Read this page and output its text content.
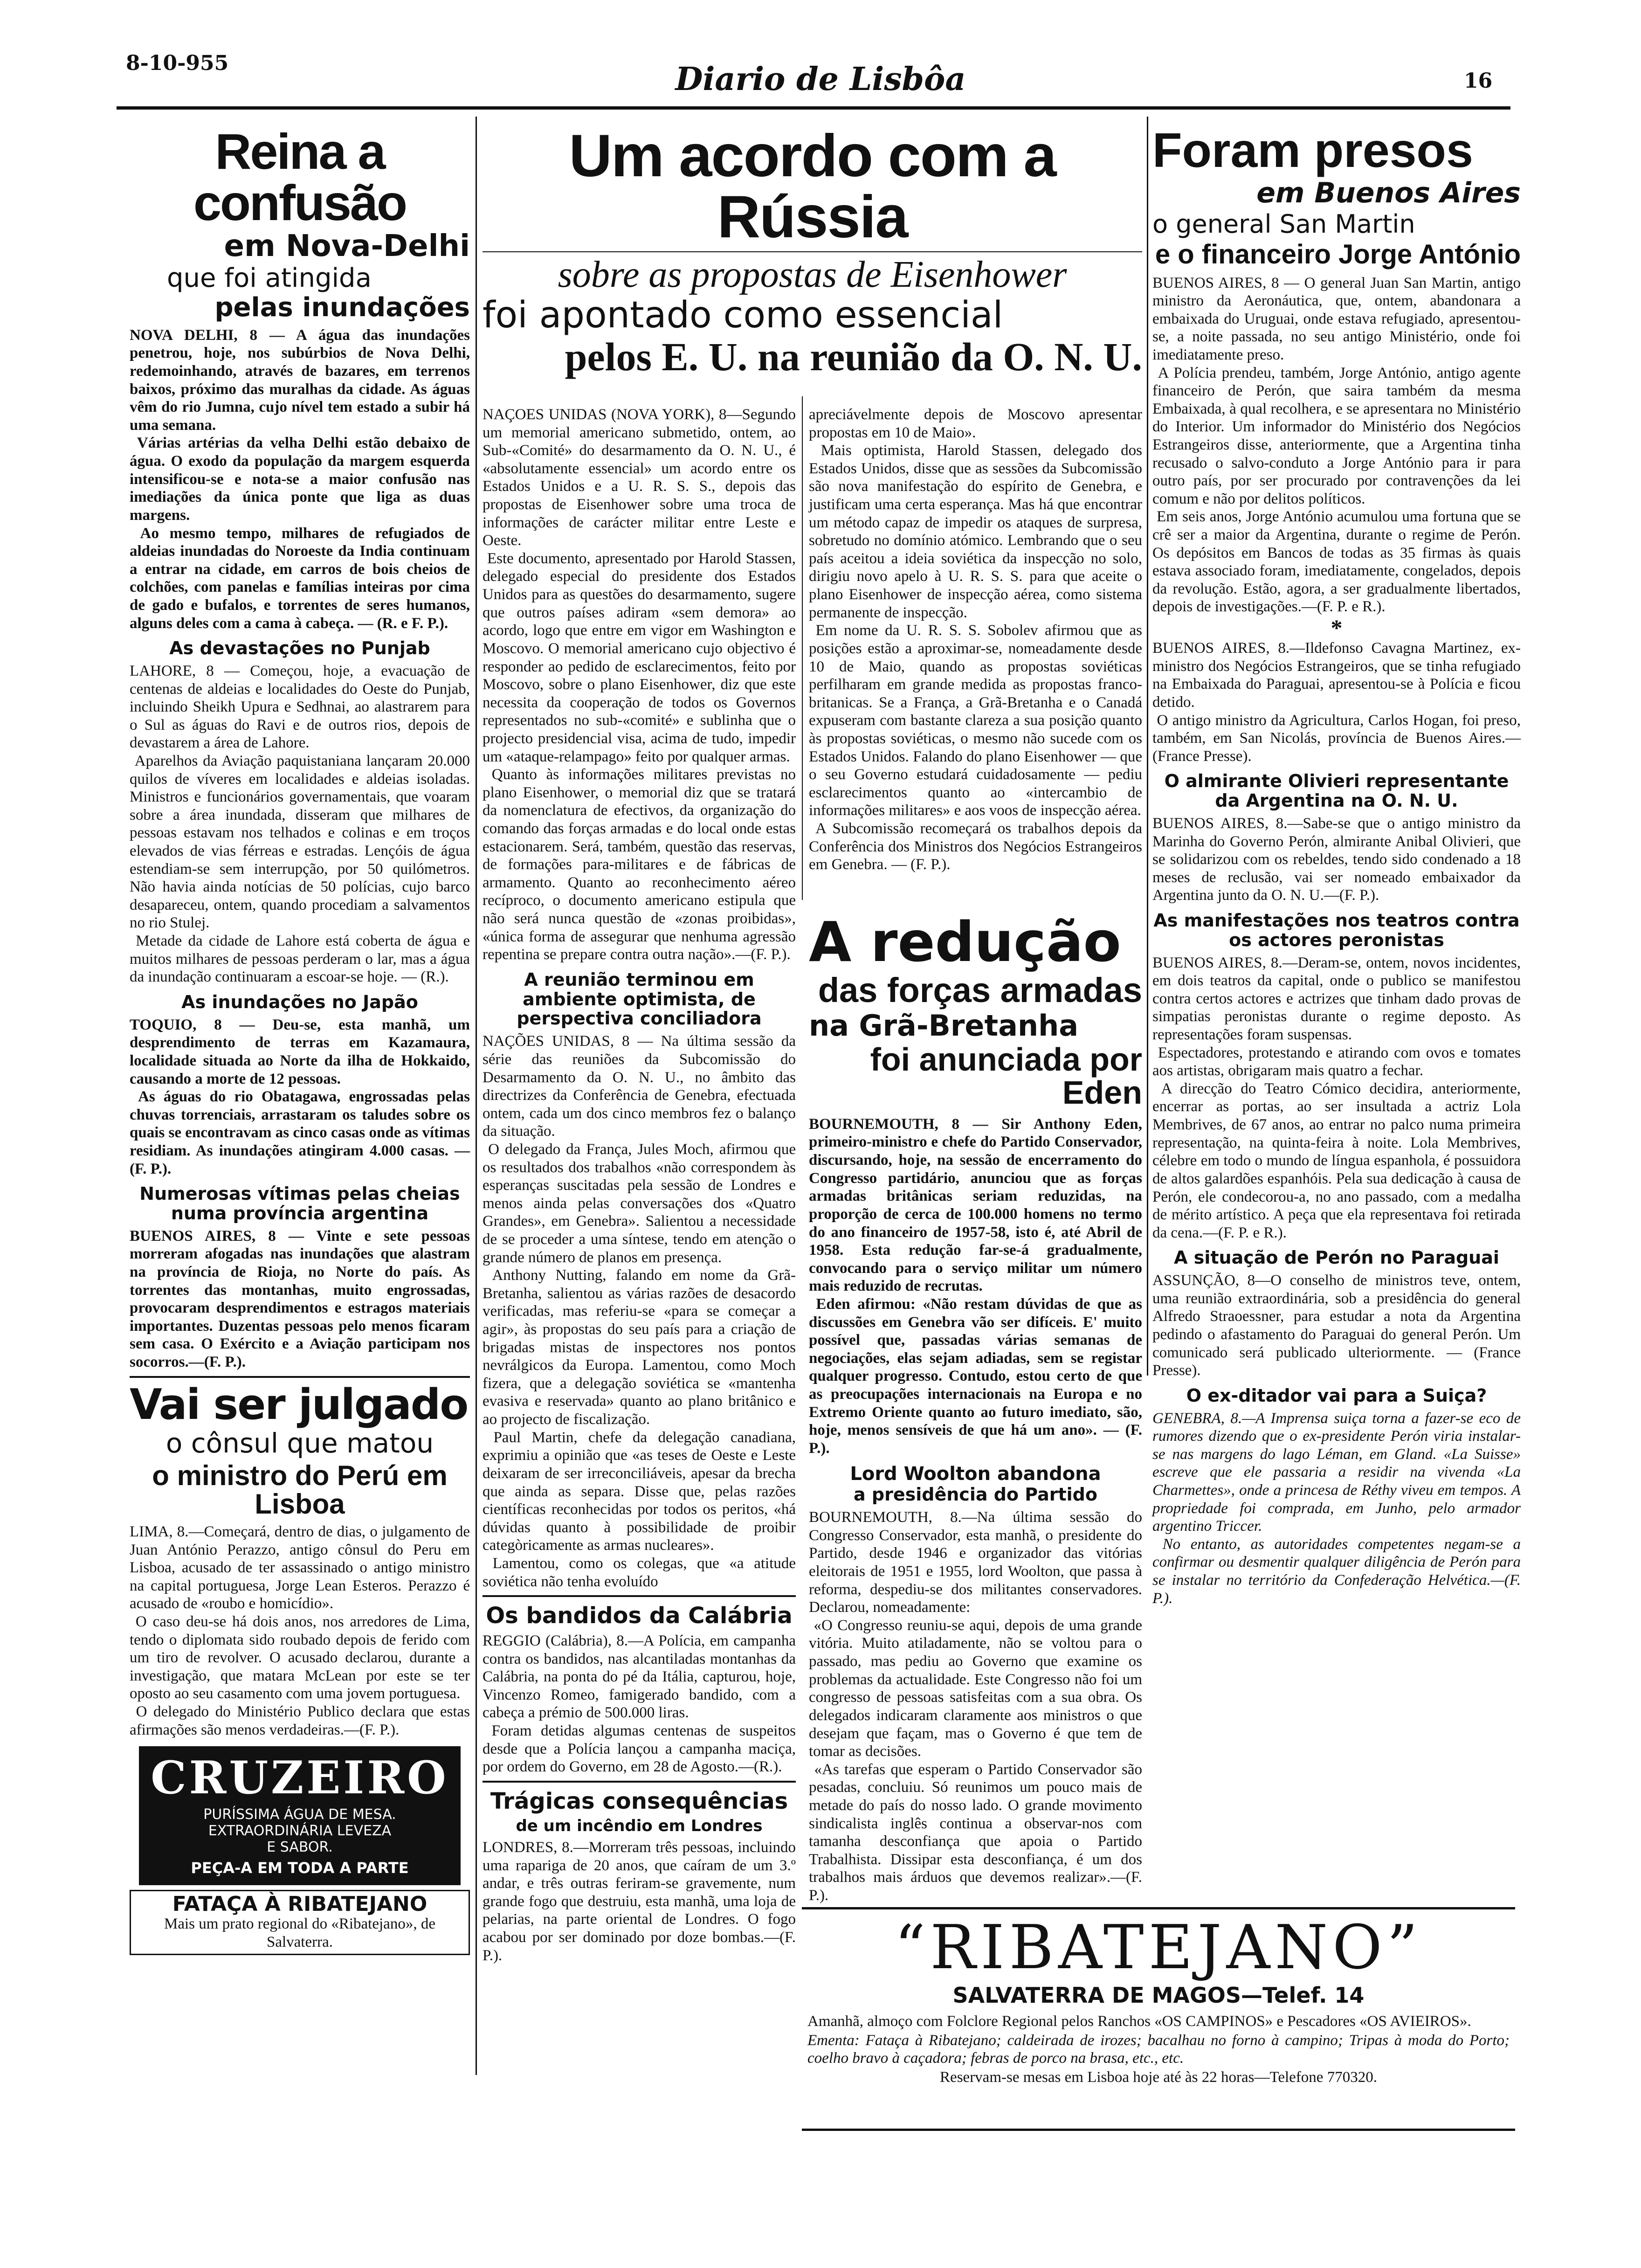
8-10-955	Diario de Lisbôa	16
Reina a confusão
em Nova-Delhi
que foi atingida
pelas inundações

NOVA DELHI, 8 — A água das inundações penetrou, hoje, nos subúrbios de Nova Delhi, redemoinhando, através de bazares, em terrenos baixos, próximo das muralhas da cidade. As águas vêm do rio Jumna, cujo nível tem estado a subir há uma semana.
Várias artérias da velha Delhi estão debaixo de água. O exodo da população da margem esquerda intensificou-se e nota-se a maior confusão nas imediações da única ponte que liga as duas margens.
Ao mesmo tempo, milhares de refugiados de aldeias inundadas do Noroeste da India continuam a entrar na cidade, em carros de bois cheios de colchões, com panelas e famílias inteiras por cima de gado e bufalos, e torrentes de seres humanos, alguns deles com a cama à cabeça. — (R. e F. P.).

As devastações no Punjab

LAHORE, 8 — Começou, hoje, a evacuação de centenas de aldeias e localidades do Oeste do Punjab, incluindo Sheikh Upura e Sedhnai, ao alastrarem para o Sul as águas do Ravi e de outros rios, depois de devastarem a área de Lahore.
Aparelhos da Aviação paquistaniana lançaram 20.000 quilos de víveres em localidades e aldeias isoladas. Ministros e funcionários governamentais, que voaram sobre a área inundada, disseram que milhares de pessoas estavam nos telhados e colinas e em troços elevados de vias férreas e estradas. Lençóis de água estendiam-se sem interrupção, por 50 quilómetros. Não havia ainda notícias de 50 polícias, cujo barco desapareceu, ontem, quando procediam a salvamentos no rio Stulej.
Metade da cidade de Lahore está coberta de água e muitos milhares de pessoas perderam o lar, mas a água da inundação continuaram a escoar-se hoje. — (R.).

As inundações no Japão

TOQUIO, 8 — Deu-se, esta manhã, um desprendimento de terras em Kazamaura, localidade situada ao Norte da ilha de Hokkaido, causando a morte de 12 pessoas.
As águas do rio Obatagawa, engrossadas pelas chuvas torrenciais, arrastaram os taludes sobre os quais se encontravam as cinco casas onde as vítimas residiam. As inundações atingiram 4.000 casas. — (F. P.).

Numerosas vítimas pelas cheias numa província argentina

BUENOS AIRES, 8 — Vinte e sete pessoas morreram afogadas nas inundações que alastram na província de Rioja, no Norte do país. As torrentes das montanhas, muito engrossadas, provocaram desprendimentos e estragos materiais importantes. Duzentas pessoas pelo menos ficaram sem casa. O Exército e a Aviação participam nos socorros.—(F. P.).

Vai ser julgado
o cônsul que matou
o ministro do Perú em Lisboa

LIMA, 8.—Começará, dentro de dias, o julgamento de Juan António Perazzo, antigo cônsul do Peru em Lisboa, acusado de ter assassinado o antigo ministro na capital portuguesa, Jorge Lean Esteros. Perazzo é acusado de «roubo e homicídio».
O caso deu-se há dois anos, nos arredores de Lima, tendo o diplomata sido roubado depois de ferido com um tiro de revolver. O acusado declarou, durante a investigação, que matara McLean por este se ter oposto ao seu casamento com uma jovem portuguesa.
O delegado do Ministério Publico declara que estas afirmações são menos verdadeiras.—(F. P.).

CRUZEIRO
PURÍSSIMA ÁGUA DE MESA.
EXTRAORDINÁRIA LEVEZA
E SABOR.
PEÇA-A EM TODA A PARTE
FATAÇA À RIBATEJANO

Mais um prato regional do «Ribatejano», de Salvaterra.

Um acordo com a Rússia
sobre as propostas de Eisenhower
foi apontado como essencial
pelos E. U. na reunião da O. N. U.

NAÇOES UNIDAS (NOVA YORK), 8—Segundo um memorial americano submetido, ontem, ao Sub-«Comité» do desarmamento da O. N. U., é «absolutamente essencial» um acordo entre os Estados Unidos e a U. R. S. S., depois das propostas de Eisenhower sobre uma troca de informações de carácter militar entre Leste e Oeste.
Este documento, apresentado por Harold Stassen, delegado especial do presidente dos Estados Unidos para as questões do desarmamento, sugere que outros países adiram «sem demora» ao acordo, logo que entre em vigor em Washington e Moscovo. O memorial americano cujo objectivo é responder ao pedido de esclarecimentos, feito por Moscovo, sobre o plano Eisenhower, diz que este necessita da cooperação de todos os Governos representados no sub-«comité» e sublinha que o projecto presidencial visa, acima de tudo, impedir um «ataque-relampago» feito por qualquer armas.
Quanto às informações militares previstas no plano Eisenhower, o memorial diz que se tratará da nomenclatura de efectivos, da organização do comando das forças armadas e do local onde estas estacionarem. Será, também, questão das reservas, de formações para-militares e de fábricas de armamento. Quanto ao reconhecimento aéreo recíproco, o documento americano estipula que não será nunca questão de «zonas proibidas», «única forma de assegurar que nenhuma agressão repentina se prepare contra outra nação».—(F. P.).

A reunião terminou em ambiente optimista, de perspectiva conciliadora

NAÇÕES UNIDAS, 8 — Na última sessão da série das reuniões da Subcomissão do Desarmamento da O. N. U., no âmbito das directrizes da Conferência de Genebra, efectuada ontem, cada um dos cinco membros fez o balanço da situação.
O delegado da França, Jules Moch, afirmou que os resultados dos trabalhos «não correspondem às esperanças suscitadas pela sessão de Londres e menos ainda pelas conversações dos «Quatro Grandes», em Genebra». Salientou a necessidade de se proceder a uma síntese, tendo em atenção o grande número de planos em presença.
Anthony Nutting, falando em nome da Grã-Bretanha, salientou as várias razões de desacordo verificadas, mas referiu-se «para se começar a agir», às propostas do seu país para a criação de brigadas mistas de inspectores nos pontos nevrálgicos da Europa. Lamentou, como Moch fizera, que a delegação soviética se «mantenha evasiva e reservada» quanto ao plano britânico e ao projecto de fiscalização.
Paul Martin, chefe da delegação canadiana, exprimiu a opinião que «as teses de Oeste e Leste deixaram de ser irreconciliáveis, apesar da brecha que ainda as separa. Disse que, pelas razões científicas reconhecidas por todos os peritos, «há dúvidas quanto à possibilidade de proibir categòricamente as armas nucleares».
Lamentou, como os colegas, que «a atitude soviética não tenha evoluído

Os bandidos da Calábria

REGGIO (Calábria), 8.—A Polícia, em campanha contra os bandidos, nas alcantiladas montanhas da Calábria, na ponta do pé da Itália, capturou, hoje, Vincenzo Romeo, famigerado bandido, com a cabeça a prémio de 500.000 liras.
Foram detidas algumas centenas de suspeitos desde que a Polícia lançou a campanha maciça, por ordem do Governo, em 28 de Agosto.—(R.).

Trágicas consequências
de um incêndio em Londres

LONDRES, 8.—Morreram três pessoas, incluindo uma rapariga de 20 anos, que caíram de um 3.º andar, e três outras feriram-se gravemente, num grande fogo que destruiu, esta manhã, uma loja de pelarias, na parte oriental de Londres. O fogo acabou por ser dominado por doze bombas.—(F. P.).

apreciávelmente depois de Moscovo apresentar propostas em 10 de Maio».
Mais optimista, Harold Stassen, delegado dos Estados Unidos, disse que as sessões da Subcomissão são nova manifestação do espírito de Genebra, e justificam uma certa esperança. Mas há que encontrar um método capaz de impedir os ataques de surpresa, sobretudo no domínio atómico. Lembrando que o seu país aceitou a ideia soviética da inspecção no solo, dirigiu novo apelo à U. R. S. S. para que aceite o plano Eisenhower de inspecção aérea, como sistema permanente de inspecção.
Em nome da U. R. S. S. Sobolev afirmou que as posições estão a aproximar-se, nomeadamente desde 10 de Maio, quando as propostas soviéticas perfilharam em grande medida as propostas franco-britanicas. Se a França, a Grã-Bretanha e o Canadá expuseram com bastante clareza a sua posição quanto às propostas soviéticas, o mesmo não sucede com os Estados Unidos. Falando do plano Eisenhower — que o seu Governo estudará cuidadosamente — pediu esclarecimentos quanto ao «intercambio de informações militares» e aos voos de inspecção aérea.
A Subcomissão recomeçará os trabalhos depois da Conferência dos Ministros dos Negócios Estrangeiros em Genebra. — (F. P.).

A redução
das forças armadas
na Grã-Bretanha
foi anunciada por Eden

BOURNEMOUTH, 8 — Sir Anthony Eden, primeiro-ministro e chefe do Partido Conservador, discursando, hoje, na sessão de encerramento do Congresso partidário, anunciou que as forças armadas britânicas seriam reduzidas, na proporção de cerca de 100.000 homens no termo do ano financeiro de 1957-58, isto é, até Abril de 1958. Esta redução far-se-á gradualmente, convocando para o serviço militar um número mais reduzido de recrutas.
Eden afirmou: «Não restam dúvidas de que as discussões em Genebra vão ser difíceis. E' muito possível que, passadas várias semanas de negociações, elas sejam adiadas, sem se registar qualquer progresso. Contudo, estou certo de que as preocupações internacionais na Europa e no Extremo Oriente quanto ao futuro imediato, são, hoje, menos sensíveis de que há um ano». — (F. P.).

Lord Woolton abandona
a presidência do Partido

BOURNEMOUTH, 8.—Na última sessão do Congresso Conservador, esta manhã, o presidente do Partido, desde 1946 e organizador das vitórias eleitorais de 1951 e 1955, lord Woolton, que passa à reforma, despediu-se dos militantes conservadores. Declarou, nomeadamente:
«O Congresso reuniu-se aqui, depois de uma grande vitória. Muito atiladamente, não se voltou para o passado, mas pediu ao Governo que examine os problemas da actualidade. Este Congresso não foi um congresso de pessoas satisfeitas com a sua obra. Os delegados indicaram claramente aos ministros o que desejam que façam, mas o Governo é que tem de tomar as decisões.
«As tarefas que esperam o Partido Conservador são pesadas, concluiu. Só reunimos um pouco mais de metade do país do nosso lado. O grande movimento sindicalista inglês continua a observar-nos com tamanha desconfiança que apoia o Partido Trabalhista. Dissipar esta desconfiança, é um dos trabalhos mais árduos que devemos realizar».—(F. P.).

Foram presos
em Buenos Aires
o general San Martin
e o financeiro Jorge António

BUENOS AIRES, 8 — O general Juan San Martin, antigo ministro da Aeronáutica, que, ontem, abandonara a embaixada do Uruguai, onde estava refugiado, apresentou-se, a noite passada, no seu antigo Ministério, onde foi imediatamente preso.
A Polícia prendeu, também, Jorge António, antigo agente financeiro de Perón, que saira também da mesma Embaixada, à qual recolhera, e se apresentara no Ministério do Interior. Um informador do Ministério dos Negócios Estrangeiros disse, anteriormente, que a Argentina tinha recusado o salvo-conduto a Jorge António para ir para outro país, por ser procurado por contravenções da lei comum e não por delitos políticos.
Em seis anos, Jorge António acumulou uma fortuna que se crê ser a maior da Argentina, durante o regime de Perón. Os depósitos em Bancos de todas as 35 firmas às quais estava associado foram, imediatamente, congelados, depois da revolução. Estão, agora, a ser gradualmente libertados, depois de investigações.—(F. P. e R.).

*

BUENOS AIRES, 8.—Ildefonso Cavagna Martinez, ex-ministro dos Negócios Estrangeiros, que se tinha refugiado na Embaixada do Paraguai, apresentou-se à Polícia e ficou detido.
O antigo ministro da Agricultura, Carlos Hogan, foi preso, também, em San Nicolás, província de Buenos Aires.—(France Presse).

O almirante Olivieri representante da Argentina na O. N. U.

BUENOS AIRES, 8.—Sabe-se que o antigo ministro da Marinha do Governo Perón, almirante Anibal Olivieri, que se solidarizou com os rebeldes, tendo sido condenado a 18 meses de reclusão, vai ser nomeado embaixador da Argentina junto da O. N. U.—(F. P.).

As manifestações nos teatros contra os actores peronistas

BUENOS AIRES, 8.—Deram-se, ontem, novos incidentes, em dois teatros da capital, onde o publico se manifestou contra certos actores e actrizes que tinham dado provas de simpatias peronistas durante o regime deposto. As representações foram suspensas.
Espectadores, protestando e atirando com ovos e tomates aos artistas, obrigaram mais quatro a fechar.
A direcção do Teatro Cómico decidira, anteriormente, encerrar as portas, ao ser insultada a actriz Lola Membrives, de 67 anos, ao entrar no palco numa primeira representação, na quinta-feira à noite. Lola Membrives, célebre em todo o mundo de língua espanhola, é possuidora de altos galardões espanhóis. Pela sua dedicação à causa de Perón, ele condecorou-a, no ano passado, com a medalha de mérito artístico. A peça que ela representava foi retirada da cena.—(F. P. e R.).

A situação de Perón no Paraguai

ASSUNÇÃO, 8—O conselho de ministros teve, ontem, uma reunião extraordinária, sob a presidência do general Alfredo Straoessner, para estudar a nota da Argentina pedindo o afastamento do Paraguai do general Perón. Um comunicado será publicado ulteriormente. — (France Presse).

O ex-ditador vai para a Suiça?

GENEBRA, 8.—A Imprensa suiça torna a fazer-se eco de rumores dizendo que o ex-presidente Perón viria instalar-se nas margens do lago Léman, em Gland. «La Suisse» escreve que ele passaria a residir na vivenda «La Charmettes», onde a princesa de Réthy viveu em tempos. A propriedade foi comprada, em Junho, pelo armador argentino Triccer.
No entanto, as autoridades competentes negam-se a confirmar ou desmentir qualquer diligência de Perón para se instalar no território da Confederação Helvética.—(F. P.).

“RIBATEJANO”
SALVATERRA DE MAGOS—Telef. 14

Amanhã, almoço com Folclore Regional pelos Ranchos «OS CAMPINOS» e Pescadores «OS AVIEIROS».

Ementa: Fataça à Ribatejano; caldeirada de irozes; bacalhau no forno à campino; Tripas à moda do Porto; coelho bravo à caçadora; febras de porco na brasa, etc., etc.

Reservam-se mesas em Lisboa hoje até às 22 horas—Telefone 770320.
